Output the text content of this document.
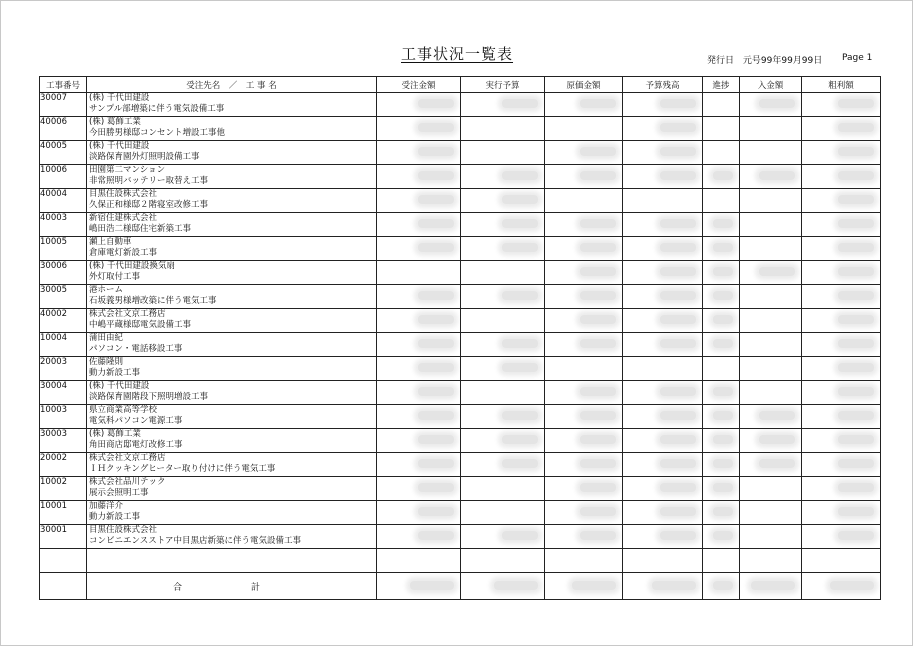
工事状況一覧表	発行日 元号99年99月99日	Page 1
工事番号	受注先名　／　工 事 名	受注金額	実行予算	原価金額	予算残高	進捗	入金額	粗利額
30007	(株) 千代田建設
サンプル部増築に伴う電気設備工事							

40006	(株) 葛飾工業
今田勝男様邸コンセント増設工事他							

40005	(株) 千代田建設
淡路保育園外灯照明設備工事							

10006	田園第二マンション
非常照明バッテリー取替え工事							

40004	目黒住設株式会社
久保正和様邸２階寝室改修工事							

40003	新宿住建株式会社
嶋田浩二様邸住宅新築工事							

10005	瀬上自動車
倉庫電灯新設工事							

30006	(株) 千代田建設換気扇
外灯取付工事							

30005	港ホーム
石坂義男様増改築に伴う電気工事							

40002	株式会社文京工務店
中嶋平蔵様邸電気設備工事							

10004	蒲田由紀
パソコン・電話移設工事							

20003	佐藤隆則
動力新設工事							

30004	(株) 千代田建設
淡路保育園階段下照明増設工事							

10003	県立商業高等学校
電気科パソコン電源工事							

30003	(株) 葛飾工業
角田商店邸電灯改修工事							

20002	株式会社文京工務店
ＩＨクッキングヒーター取り付けに伴う電気工事							

10002	株式会社品川テック
展示会照明工事							

10001	加藤洋介
動力新設工事							

30001	目黒住設株式会社
コンビニエンスストア中目黒店新築に伴う電気設備工事							

	合　計	
